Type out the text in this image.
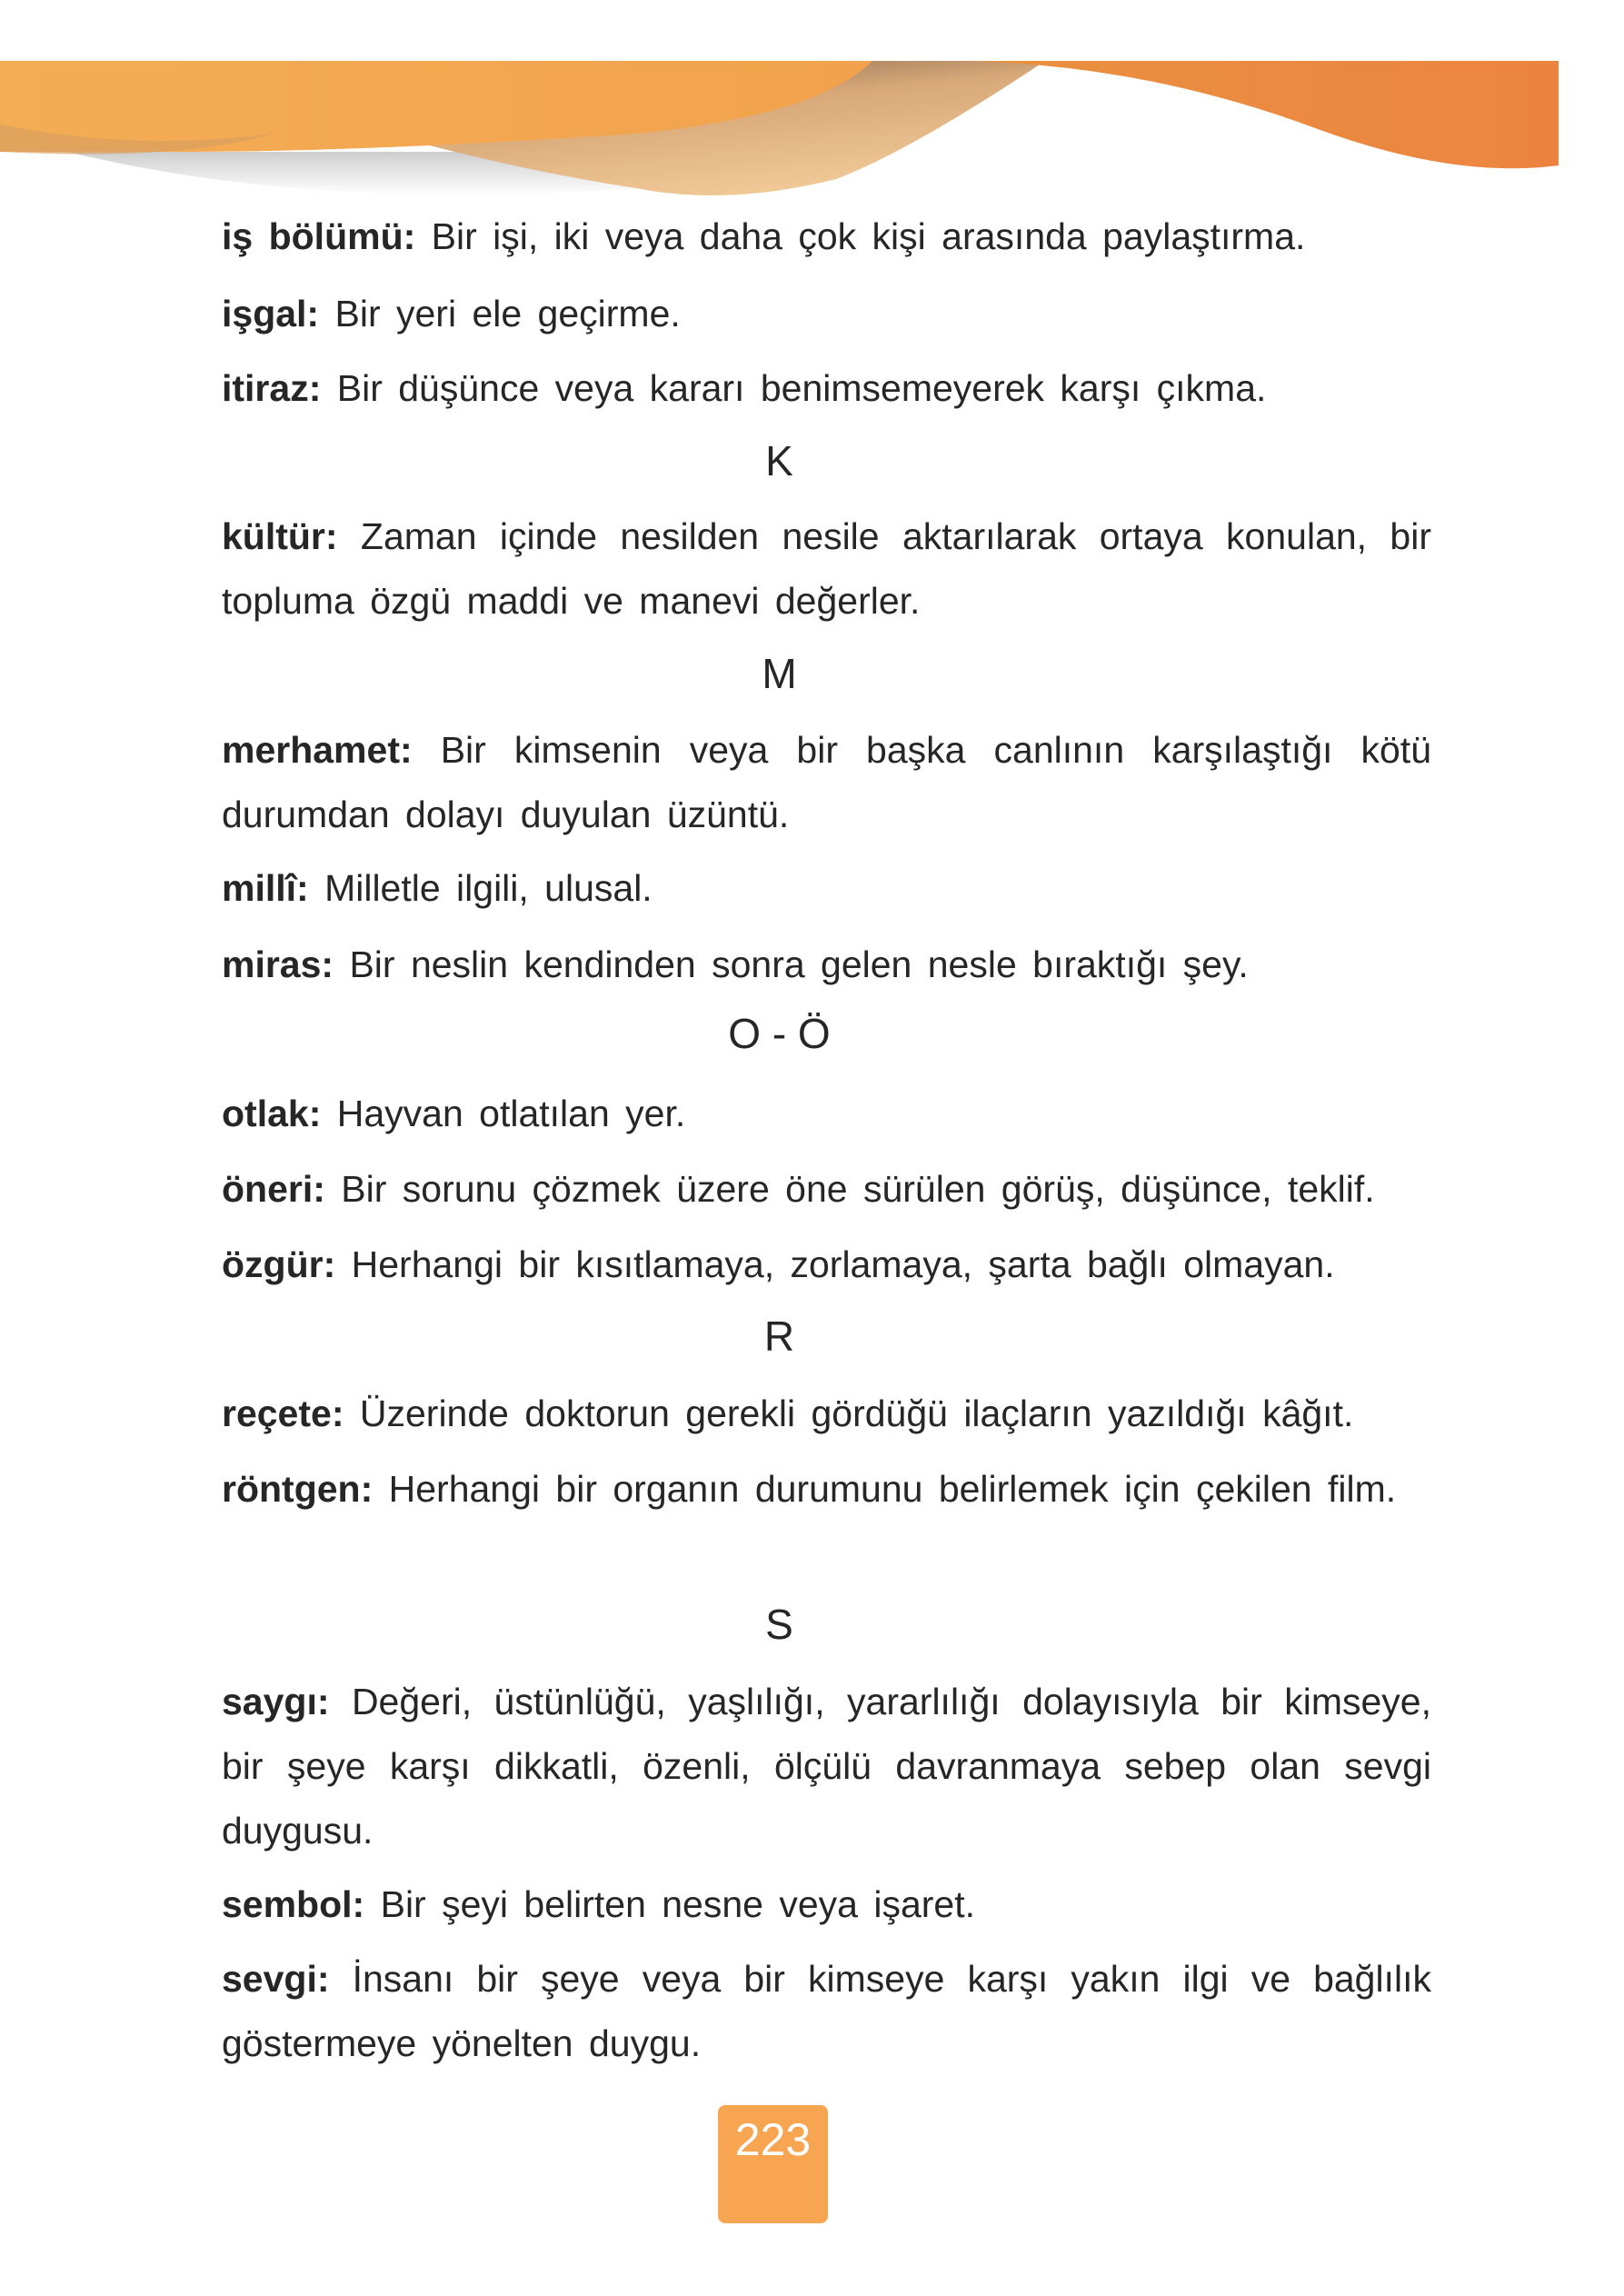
iş bölümü: Bir işi, iki veya daha çok kişi arasında paylaştırma.
işgal: Bir yeri ele geçirme.
itiraz: Bir düşünce veya kararı benimsemeyerek karşı çıkma.
K
kültür: Zaman içinde nesilden nesile aktarılarak ortaya konulan, bir topluma özgü maddi ve manevi değerler.
M
merhamet: Bir kimsenin veya bir başka canlının karşılaştığı kötü durumdan dolayı duyulan üzüntü.
millî: Milletle ilgili, ulusal.
miras: Bir neslin kendinden sonra gelen nesle bıraktığı şey.
O - Ö
otlak: Hayvan otlatılan yer.
öneri: Bir sorunu çözmek üzere öne sürülen görüş, düşünce, teklif.
özgür: Herhangi bir kısıtlamaya, zorlamaya, şarta bağlı olmayan.
R
reçete: Üzerinde doktorun gerekli gördüğü ilaçların yazıldığı kâğıt.
röntgen: Herhangi bir organın durumunu belirlemek için çekilen film.
S
saygı: Değeri, üstünlüğü, yaşlılığı, yararlılığı dolayısıyla bir kimseye, bir şeye karşı dikkatli, özenli, ölçülü davranmaya sebep olan sevgi duygusu.
sembol: Bir şeyi belirten nesne veya işaret.
sevgi: İnsanı bir şeye veya bir kimseye karşı yakın ilgi ve bağlılık göstermeye yönelten duygu.
223
